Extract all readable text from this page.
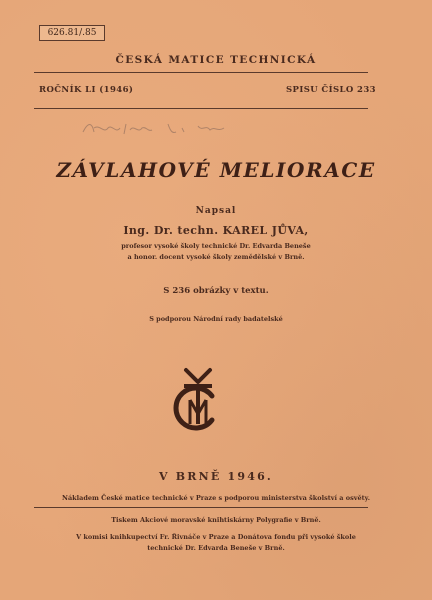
626.81/.85
ČESKÁ MATICE TECHNICKÁ
ROČNÍK LI (1946)	SPISU ČÍSLO 233
ZÁVLAHOVÉ MELIORACE
Napsal
Ing. Dr. techn. KAREL JŮVA,
profesor vysoké školy technické Dr. Edvarda Beneše
a honor. docent vysoké školy zemědělské v Brně.
S 236 obrázky v textu.
S podporou Národní rady badatelské
V BRNĚ 1946.
Nákladem České matice technické v Praze s podporou ministerstva školství a osvěty.
Tiskem Akciové moravské knihtiskárny Polygrafie v Brně.
V komisi knihkupectví Fr. Řivnáče v Praze a Donátova fondu při vysoké škole
technické Dr. Edvarda Beneše v Brně.
